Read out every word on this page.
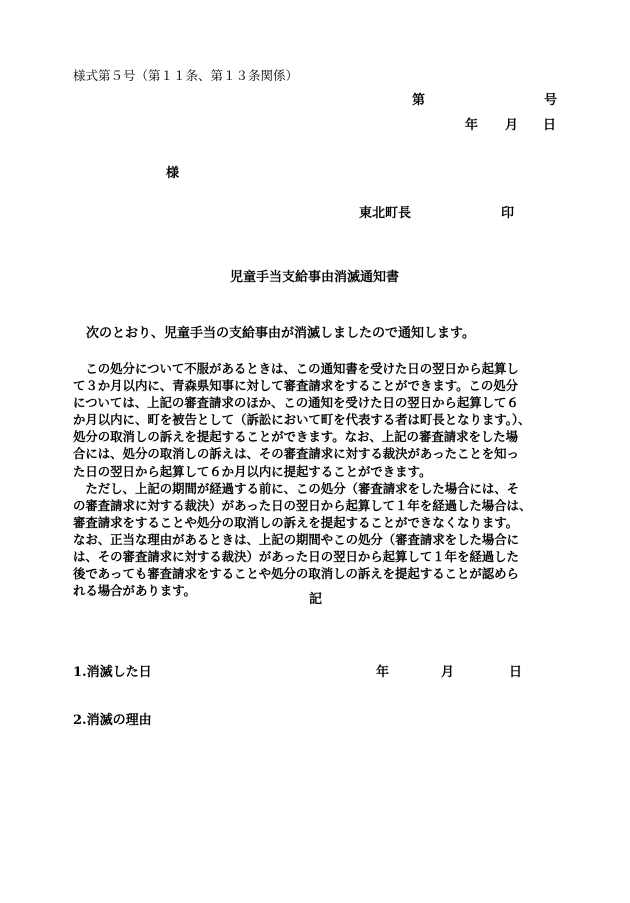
様式第５号（第１１条、第１３条関係）
第	号
年 月 日
様
東北町長	印
児童手当支給事由消滅通知書
次のとおり、児童手当の支給事由が消滅しましたので通知します。
　この処分について不服があるときは、この通知書を受けた日の翌日から起算し
て３か月以内に、青森県知事に対して審査請求をすることができます。この処分
については、上記の審査請求のほか、この通知を受けた日の翌日から起算して６
か月以内に、町を被告として（訴訟において町を代表する者は町長となります。）、
処分の取消しの訴えを提起することができます。なお、上記の審査請求をした場
合には、処分の取消しの訴えは、その審査請求に対する裁決があったことを知っ
た日の翌日から起算して６か月以内に提起することができます。
　ただし、上記の期間が経過する前に、この処分（審査請求をした場合には、そ
の審査請求に対する裁決）があった日の翌日から起算して１年を経過した場合は、
審査請求をすることや処分の取消しの訴えを提起することができなくなります。
なお、正当な理由があるときは、上記の期間やこの処分（審査請求をした場合に
は、その審査請求に対する裁決）があった日の翌日から起算して１年を経過した
後であっても審査請求をすることや処分の取消しの訴えを提起することが認めら
れる場合があります。
記
1.消滅した日	年	月	日
2.消滅の理由
